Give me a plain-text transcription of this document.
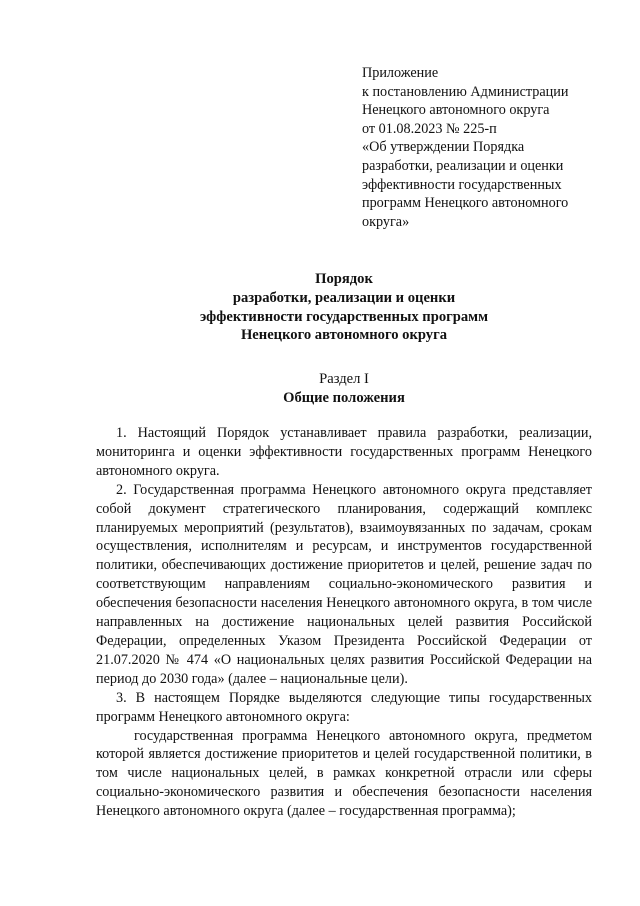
Приложение
к постановлению Администрации
Ненецкого автономного округа
от 01.08.2023 № 225-п
«Об утверждении Порядка
разработки, реализации и оценки
эффективности государственных
программ Ненецкого автономного
округа»
Порядок
разработки, реализации и оценки
эффективности государственных программ
Ненецкого автономного округа
Раздел I
Общие положения

1. Настоящий Порядок устанавливает правила разработки, реализации, мониторинга и оценки эффективности государственных программ Ненецкого автономного округа.

2. Государственная программа Ненецкого автономного округа представляет собой документ стратегического планирования, содержащий комплекс планируемых мероприятий (результатов), взаимоувязанных по задачам, срокам осуществления, исполнителям и ресурсам, и инструментов государственной политики, обеспечивающих достижение приоритетов и целей, решение задач по соответствующим направлениям социально-экономического развития и обеспечения безопасности населения Ненецкого автономного округа, в том числе направленных на достижение национальных целей развития Российской Федерации, определенных Указом Президента Российской Федерации от 21.07.2020 № 474 «О национальных целях развития Российской Федерации на период до 2030 года» (далее – национальные цели).

3. В настоящем Порядке выделяются следующие типы государственных программ Ненецкого автономного округа:

государственная программа Ненецкого автономного округа, предметом которой является достижение приоритетов и целей государственной политики, в том числе национальных целей, в рамках конкретной отрасли или сферы социально-экономического развития и обеспечения безопасности населения Ненецкого автономного округа (далее – государственная программа);
